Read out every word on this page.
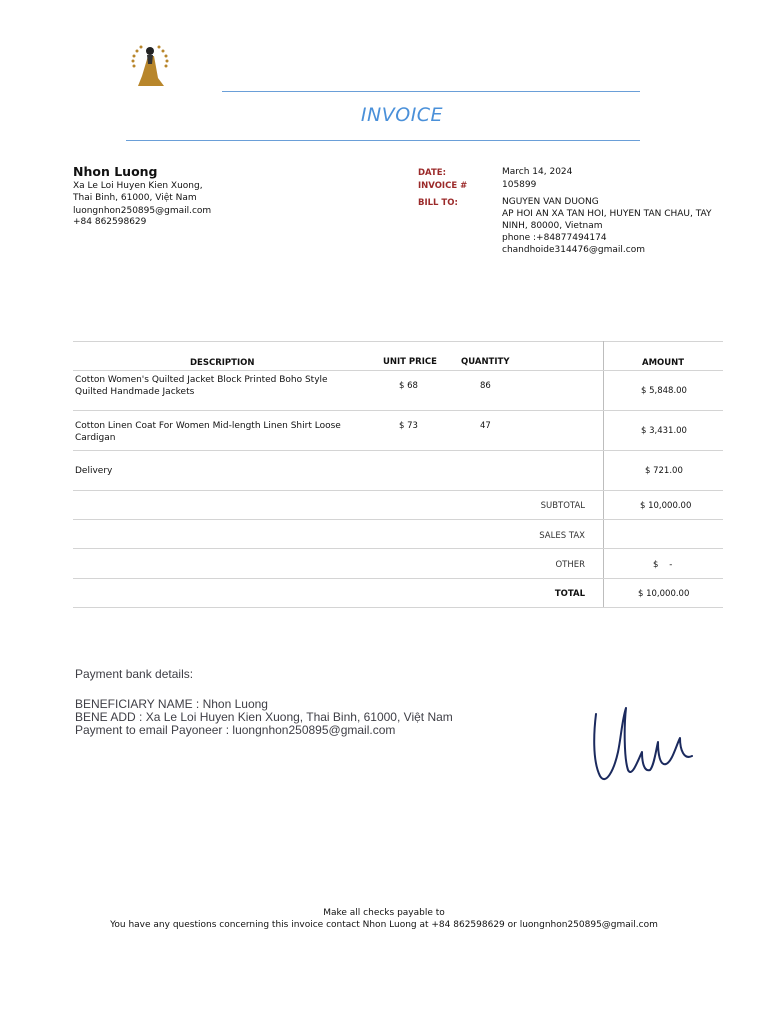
INVOICE
Nhon Luong
Xa Le Loi Huyen Kien Xuong,
Thai Binh, 61000, Việt Nam
luongnhon250895@gmail.com
+84 862598629
DATE:	March 14, 2024
INVOICE #	105899
BILL TO:	NGUYEN VAN DUONG
AP HOI AN XA TAN HOI, HUYEN TAN CHAU, TAY
NINH, 80000, Vietnam
phone :+84877494174
chandhoide314476@gmail.com
DESCRIPTION	UNIT PRICE	QUANTITY	AMOUNT
Cotton Women's Quilted Jacket Block Printed Boho Style
Quilted Handmade Jackets
$ 68	86	$ 5,848.00
Cotton Linen Coat For Women Mid-length Linen Shirt Loose
Cardigan
$ 73	47	$ 3,431.00
Delivery	$ 721.00
SUBTOTAL	$ 10,000.00
SALES TAX
OTHER	$    -
TOTAL	$ 10,000.00
Payment bank details:
BENEFICIARY NAME : Nhon Luong
BENE ADD : Xa Le Loi Huyen Kien Xuong, Thai Binh, 61000, Việt Nam
Payment to email Payoneer : luongnhon250895@gmail.com
Make all checks payable to
You have any questions concerning this invoice contact Nhon Luong at +84 862598629 or luongnhon250895@gmail.com
